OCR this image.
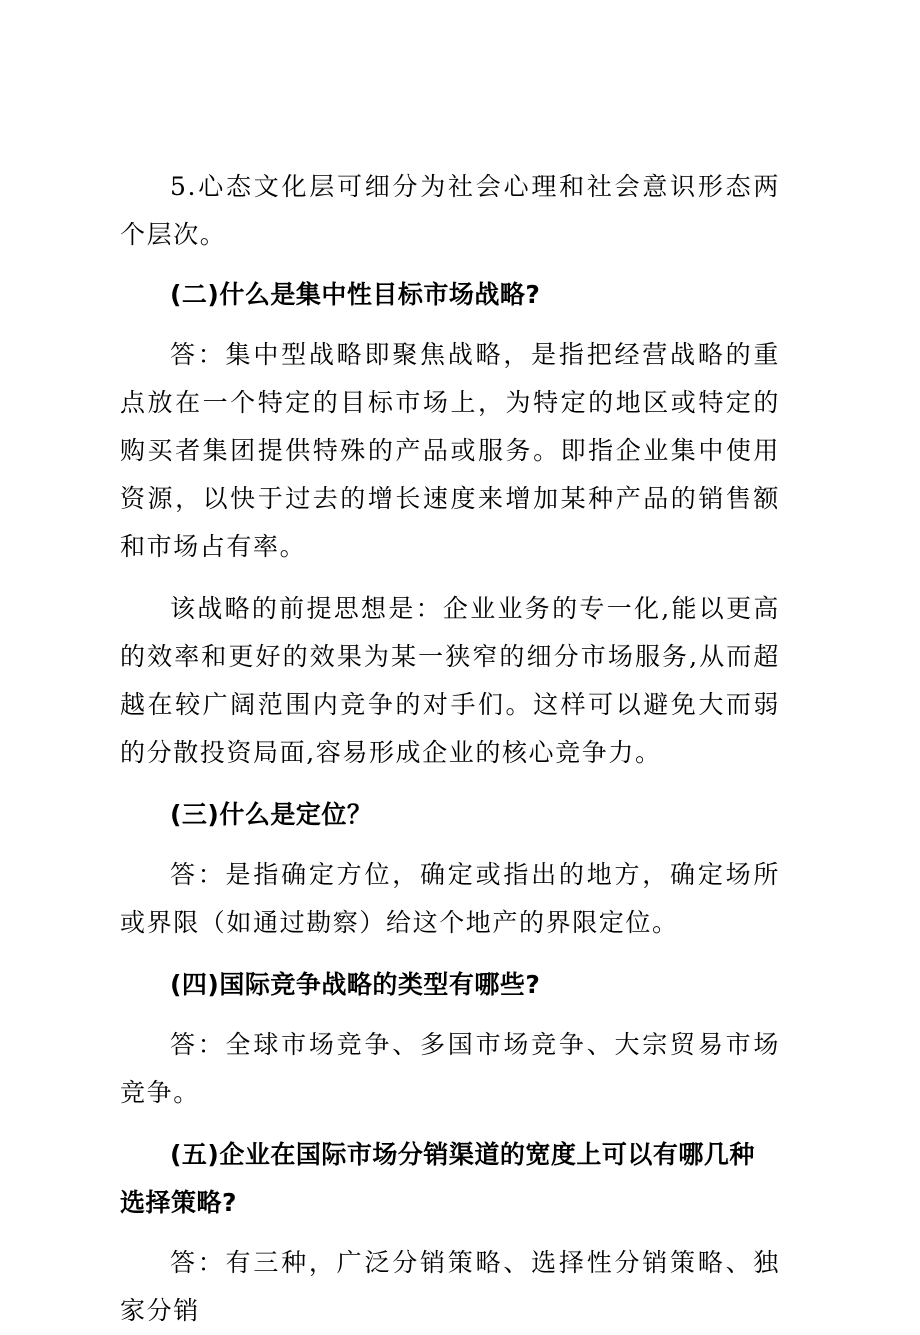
5.心态文化层可细分为社会心理和社会意识形态两个层次。

(二)什么是集中性目标市场战略?

答：集中型战略即聚焦战略，是指把经营战略的重点放在一个特定的目标市场上，为特定的地区或特定的购买者集团提供特殊的产品或服务。即指企业集中使用资源，以快于过去的增长速度来增加某种产品的销售额和市场占有率。

该战略的前提思想是：企业业务的专一化,能以更高的效率和更好的效果为某一狭窄的细分市场服务,从而超越在较广阔范围内竞争的对手们。这样可以避免大而弱的分散投资局面,容易形成企业的核心竞争力。

(三)什么是定位？

答：是指确定方位，确定或指出的地方，确定场所或界限（如通过勘察）给这个地产的界限定位。

(四)国际竞争战略的类型有哪些?

答：全球市场竞争、多国市场竞争、大宗贸易市场竞争。

(五)企业在国际市场分销渠道的宽度上可以有哪几种选择策略?

答：有三种，广泛分销策略、选择性分销策略、独家分销
